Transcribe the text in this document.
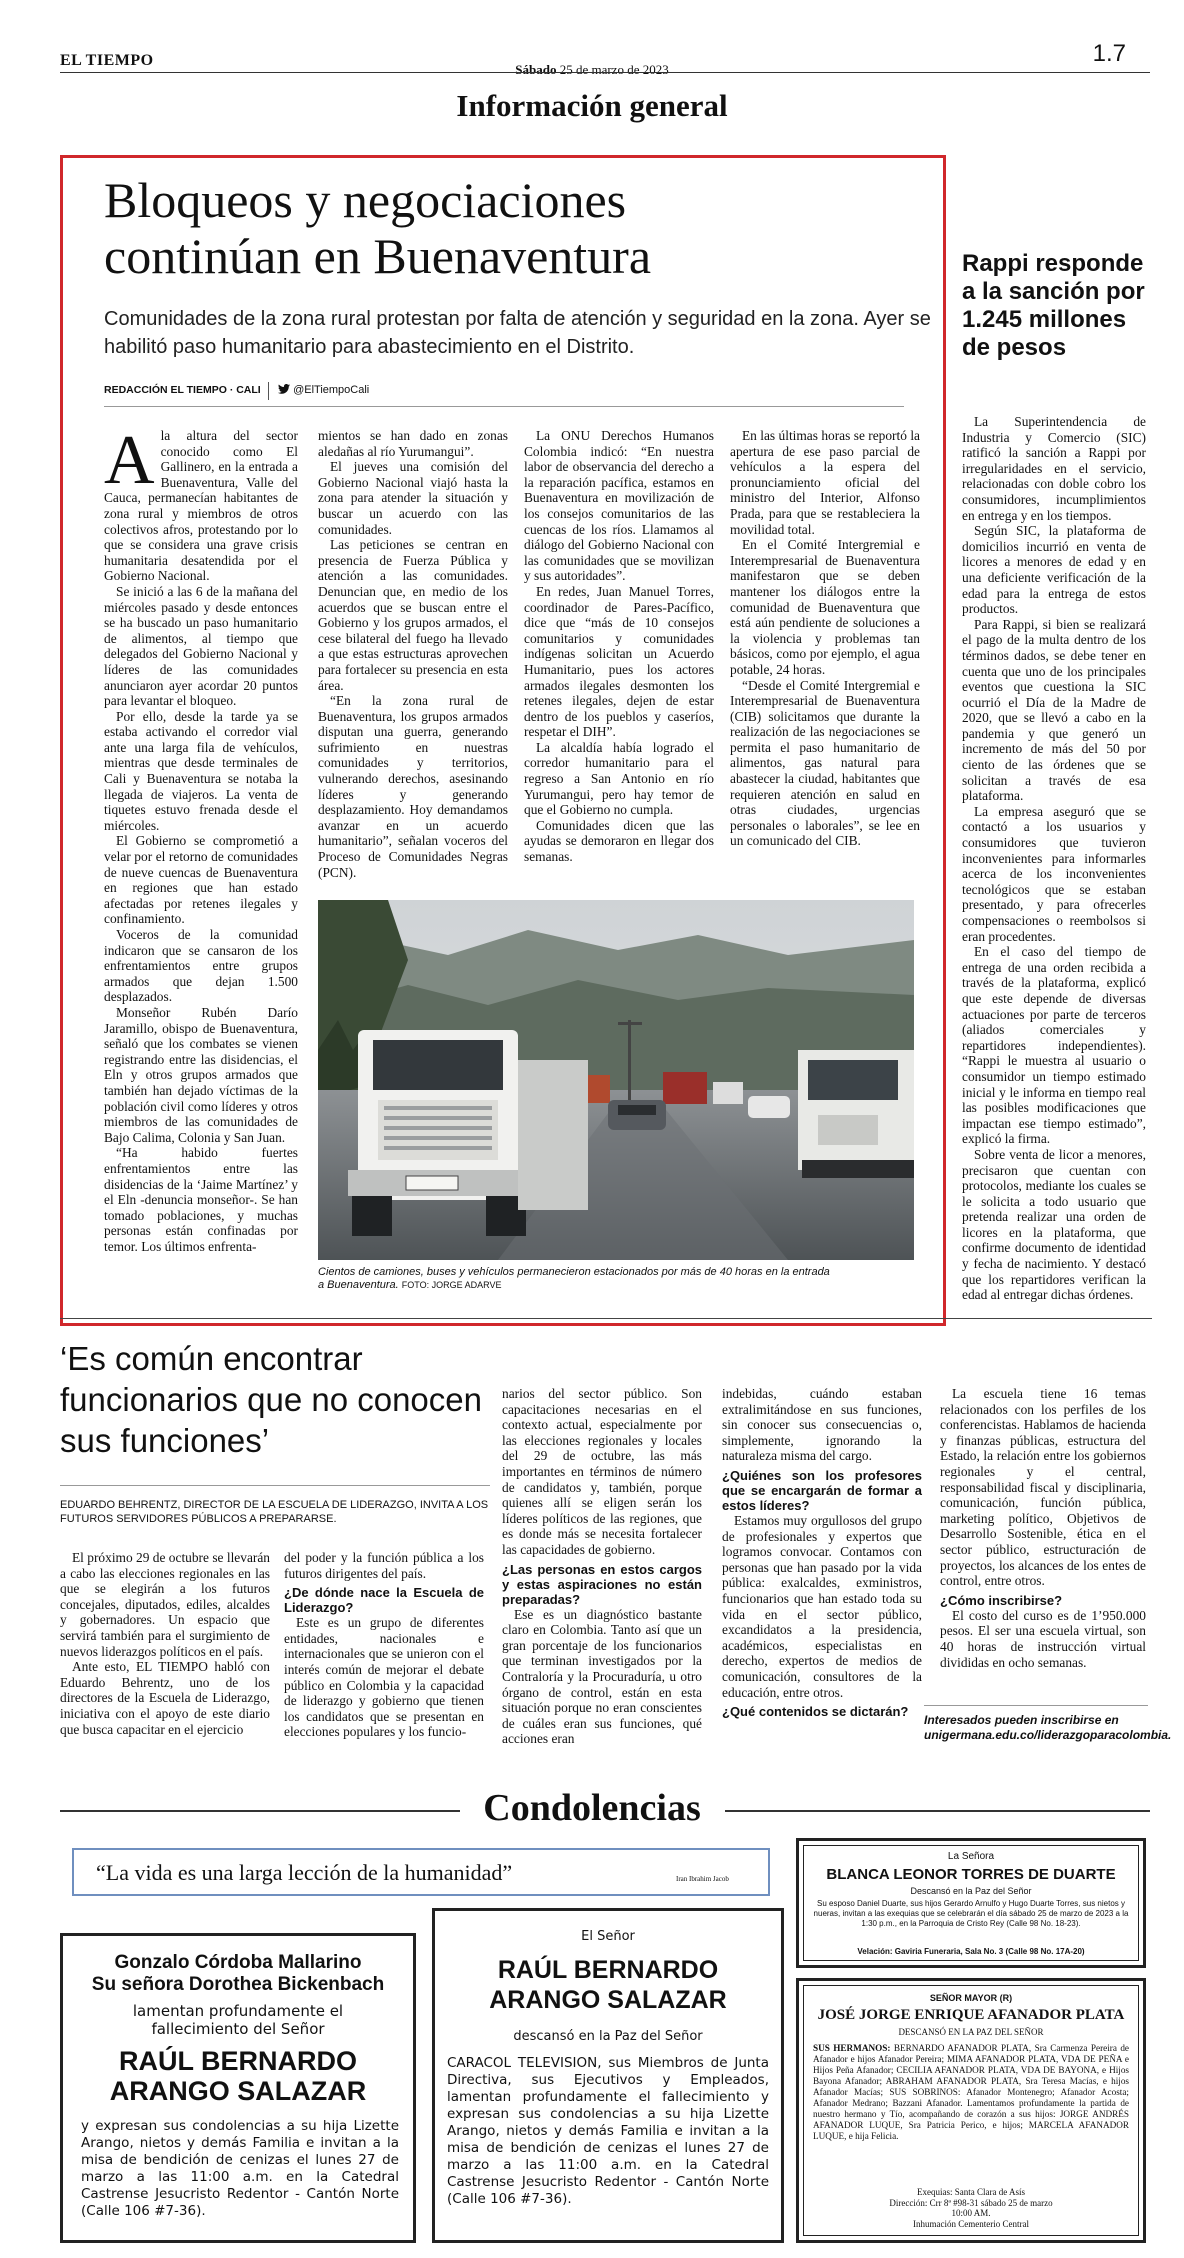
EL TIEMPO
Sábado 25 de marzo de 2023
1.7
Información general
Bloqueos y negociaciones
continúan en Buenaventura
Comunidades de la zona rural protestan por falta de atención y seguridad en la zona. Ayer se habilitó paso humanitario para abastecimiento en el Distrito.
REDACCIÓN EL TIEMPO · CALI	@ElTiempoCali

Ala altura del sector conocido como El Gallinero, en la entrada a Buenaventura, Valle del Cauca, permanecían habitantes de zona rural y miembros de otros colectivos afros, protestando por lo que se considera una grave crisis humanitaria desatendida por el Gobierno Nacional.

Se inició a las 6 de la mañana del miércoles pasado y desde entonces se ha buscado un paso humanitario de alimentos, al tiempo que delegados del Gobierno Nacional y líderes de las comunidades anunciaron ayer acordar 20 puntos para levantar el bloqueo.

Por ello, desde la tarde ya se estaba activando el corredor vial ante una larga fila de vehículos, mientras que desde terminales de Cali y Buenaventura se notaba la llegada de viajeros. La venta de tiquetes estuvo frenada desde el miércoles.

El Gobierno se comprometió a velar por el retorno de comunidades de nueve cuencas de Buenaventura en regiones que han estado afectadas por retenes ilegales y confinamiento.

Voceros de la comunidad indicaron que se cansaron de los enfrentamientos entre grupos armados que dejan 1.500 desplazados.

Monseñor Rubén Darío Jaramillo, obispo de Buenaventura, señaló que los combates se vienen registrando entre las disidencias, el Eln y otros grupos armados que también han dejado víctimas de la población civil como líderes y otros miembros de las comunidades de Bajo Calima, Colonia y San Juan.

“Ha habido fuertes enfrentamientos entre las disidencias de la ‘Jaime Martínez’ y el Eln -denuncia monseñor-. Se han tomado poblaciones, y muchas personas están confinadas por temor. Los últimos enfrenta-

mientos se han dado en zonas aledañas al río Yurumangui”.

El jueves una comisión del Gobierno Nacional viajó hasta la zona para atender la situación y buscar un acuerdo con las comunidades.

Las peticiones se centran en presencia de Fuerza Pública y atención a las comunidades. Denuncian que, en medio de los acuerdos que se buscan entre el Gobierno y los grupos armados, el cese bilateral del fuego ha llevado a que estas estructuras aprovechen para fortalecer su presencia en esta área.

“En la zona rural de Buenaventura, los grupos armados disputan una guerra, generando sufrimiento en nuestras comunidades y territorios, vulnerando derechos, asesinando líderes y generando desplazamiento. Hoy demandamos avanzar en un acuerdo humanitario”, señalan voceros del Proceso de Comunidades Negras (PCN).

La ONU Derechos Humanos Colombia indicó: “En nuestra labor de observancia del derecho a la reparación pacífica, estamos en Buenaventura en movilización de los consejos comunitarios de las cuencas de los ríos. Llamamos al diálogo del Gobierno Nacional con las comunidades que se movilizan y sus autoridades”.

En redes, Juan Manuel Torres, coordinador de Pares-Pacífico, dice que “más de 10 consejos comunitarios y comunidades indígenas solicitan un Acuerdo Humanitario, pues los actores armados ilegales desmonten los retenes ilegales, dejen de estar dentro de los pueblos y caseríos, respetar el DIH”.

La alcaldía había logrado el corredor humanitario para el regreso a San Antonio en río Yurumangui, pero hay temor de que el Gobierno no cumpla.

Comunidades dicen que las ayudas se demoraron en llegar dos semanas.

En las últimas horas se reportó la apertura de ese paso parcial de vehículos a la espera del pronunciamiento oficial del ministro del Interior, Alfonso Prada, para que se restableciera la movilidad total.

En el Comité Intergremial e Interempresarial de Buenaventura manifestaron que se deben mantener los diálogos entre la comunidad de Buenaventura que está aún pendiente de soluciones a la violencia y problemas tan básicos, como por ejemplo, el agua potable, 24 horas.

“Desde el Comité Intergremial e Interempresarial de Buenaventura (CIB) solicitamos que durante la realización de las negociaciones se permita el paso humanitario de alimentos, gas natural para abastecer la ciudad, habitantes que requieren atención en salud en otras ciudades, urgencias personales o laborales”, se lee en un comunicado del CIB.

Cientos de camiones, buses y vehículos permanecieron estacionados por más de 40 horas en la entrada a Buenaventura. FOTO: JORGE ADARVE
Rappi responde a la sanción por 1.245 millones de pesos

La Superintendencia de Industria y Comercio (SIC) ratificó la sanción a Rappi por irregularidades en el servicio, relacionadas con doble cobro los consumidores, incumplimientos en entrega y en los tiempos.

Según SIC, la plataforma de domicilios incurrió en venta de licores a menores de edad y en una deficiente verificación de la edad para la entrega de estos productos.

Para Rappi, si bien se realizará el pago de la multa dentro de los términos dados, se debe tener en cuenta que uno de los principales eventos que cuestiona la SIC ocurrió el Día de la Madre de 2020, que se llevó a cabo en la pandemia y que generó un incremento de más del 50 por ciento de las órdenes que se solicitan a través de esa plataforma.

La empresa aseguró que se contactó a los usuarios y consumidores que tuvieron inconvenientes para informarles acerca de los inconvenientes tecnológicos que se estaban presentado, y para ofrecerles compensaciones o reembolsos si eran procedentes.

En el caso del tiempo de entrega de una orden recibida a través de la plataforma, explicó que este depende de diversas actuaciones por parte de terceros (aliados comerciales y repartidores independientes). “Rappi le muestra al usuario o consumidor un tiempo estimado inicial y le informa en tiempo real las posibles modificaciones que impactan ese tiempo estimado”, explicó la firma.

Sobre venta de licor a menores, precisaron que cuentan con protocolos, mediante los cuales se le solicita a todo usuario que pretenda realizar una orden de licores en la plataforma, que confirme documento de identidad y fecha de nacimiento. Y destacó que los repartidores verifican la edad al entregar dichas órdenes.

‘Es común encontrar funcionarios que no conocen sus funciones’
EDUARDO BEHRENTZ, DIRECTOR DE LA ESCUELA DE LIDERAZGO, INVITA A LOS FUTUROS SERVIDORES PÚBLICOS A PREPARARSE.

El próximo 29 de octubre se llevarán a cabo las elecciones regionales en las que se elegirán a los futuros concejales, diputados, ediles, alcaldes y gobernadores. Un espacio que servirá también para el surgimiento de nuevos liderazgos políticos en el país.

Ante esto, EL TIEMPO habló con Eduardo Behrentz, uno de los directores de la Escuela de Liderazgo, iniciativa con el apoyo de este diario que busca capacitar en el ejercicio

del poder y la función pública a los futuros dirigentes del país.

¿De dónde nace la Escuela de Liderazgo?

Este es un grupo de diferentes entidades, nacionales e internacionales que se unieron con el interés común de mejorar el debate público en Colombia y la capacidad de liderazgo y gobierno que tienen los candidatos que se presentan en elecciones populares y los funcio-

narios del sector público. Son capacitaciones necesarias en el contexto actual, especialmente por las elecciones regionales y locales del 29 de octubre, las más importantes en términos de número de candidatos y, también, porque quienes allí se eligen serán los líderes políticos de las regiones, que es donde más se necesita fortalecer las capacidades de gobierno.

¿Las personas en estos cargos y estas aspiraciones no están preparadas?

Ese es un diagnóstico bastante claro en Colombia. Tanto así que un gran porcentaje de los funcionarios que terminan investigados por la Contraloría y la Procuraduría, u otro órgano de control, están en esta situación porque no eran conscientes de cuáles eran sus funciones, qué acciones eran

indebidas, cuándo estaban extralimitándose en sus funciones, sin conocer sus consecuencias o, simplemente, ignorando la naturaleza misma del cargo.

¿Quiénes son los profesores que se encargarán de formar a estos líderes?

Estamos muy orgullosos del grupo de profesionales y expertos que logramos convocar. Contamos con personas que han pasado por la vida pública: exalcaldes, exministros, funcionarios que han estado toda su vida en el sector público, excandidatos a la presidencia, académicos, especialistas en derecho, expertos de medios de comunicación, consultores de la educación, entre otros.

¿Qué contenidos se dictarán?

La escuela tiene 16 temas relacionados con los perfiles de los conferencistas. Hablamos de hacienda y finanzas públicas, estructura del Estado, la relación entre los gobiernos regionales y el central, responsabilidad fiscal y disciplinaria, comunicación, función pública, marketing político, Objetivos de Desarrollo Sostenible, ética en el sector público, estructuración de proyectos, los alcances de los entes de control, entre otros.

¿Cómo inscribirse?

El costo del curso es de 1’950.000 pesos. El ser una escuela virtual, son 40 horas de instrucción virtual divididas en ocho semanas.

Interesados pueden inscribirse en unigermana.edu.co/liderazgoparacolombia.
Condolencias
“La vida es una larga lección de la humanidad”	Iran Ibrahim Jacob
La Señora
BLANCA LEONOR TORRES DE DUARTE
Descansó en la Paz del Señor
Su esposo Daniel Duarte, sus hijos Gerardo Arnulfo y Hugo Duarte Torres, sus nietos y nueras, invitan a las exequias que se celebrarán el día sábado 25 de marzo de 2023 a la 1:30 p.m., en la Parroquia de Cristo Rey (Calle 98 No. 18-23).
Velación: Gaviria Funeraria, Sala No. 3 (Calle 98 No. 17A-20)
Gonzalo Córdoba Mallarino
Su señora Dorothea Bickenbach
lamentan profundamente el fallecimiento del Señor
RAÚL BERNARDO
ARANGO SALAZAR
y expresan sus condolencias a su hija Lizette Arango, nietos y demás Familia e invitan a la misa de bendición de cenizas el lunes 27 de marzo a las 11:00 a.m. en la Catedral Castrense Jesucristo Redentor - Cantón Norte (Calle 106 #7-36).
El Señor
RAÚL BERNARDO
ARANGO SALAZAR
descansó en la Paz del Señor
CARACOL TELEVISION, sus Miembros de Junta Directiva, sus Ejecutivos y Empleados, lamentan profundamente el fallecimiento y expresan sus condolencias a su hija Lizette Arango, nietos y demás Familia e invitan a la misa de bendición de cenizas el lunes 27 de marzo a las 11:00 a.m. en la Catedral Castrense Jesucristo Redentor - Cantón Norte (Calle 106 #7-36).
SEÑOR MAYOR (R)
JOSÉ JORGE ENRIQUE AFANADOR PLATA
DESCANSÓ EN LA PAZ DEL SEÑOR
SUS HERMANOS: BERNARDO AFANADOR PLATA, Sra Carmenza Pereira de Afanador e hijos Afanador Pereira; MIMA AFANADOR PLATA, VDA DE PEÑA e Hijos Peña Afanador; CECILIA AFANADOR PLATA, VDA DE BAYONA, e Hijos Bayona Afanador; ABRAHAM AFANADOR PLATA, Sra Teresa Macías, e hijos Afanador Macías; SUS SOBRINOS: Afanador Montenegro; Afanador Acosta; Afanador Medrano; Bazzani Afanador. Lamentamos profundamente la partida de nuestro hermano y Tío, acompañando de corazón a sus hijos: JORGE ANDRÉS AFANADOR LUQUE, Sra Patricia Perico, e hijos; MARCELA AFANADOR LUQUE, e hija Felicia.
Exequias: Santa Clara de Asís
Dirección: Crr 8ª #98-31 sábado 25 de marzo
10:00 AM.
Inhumación Cementerio Central
